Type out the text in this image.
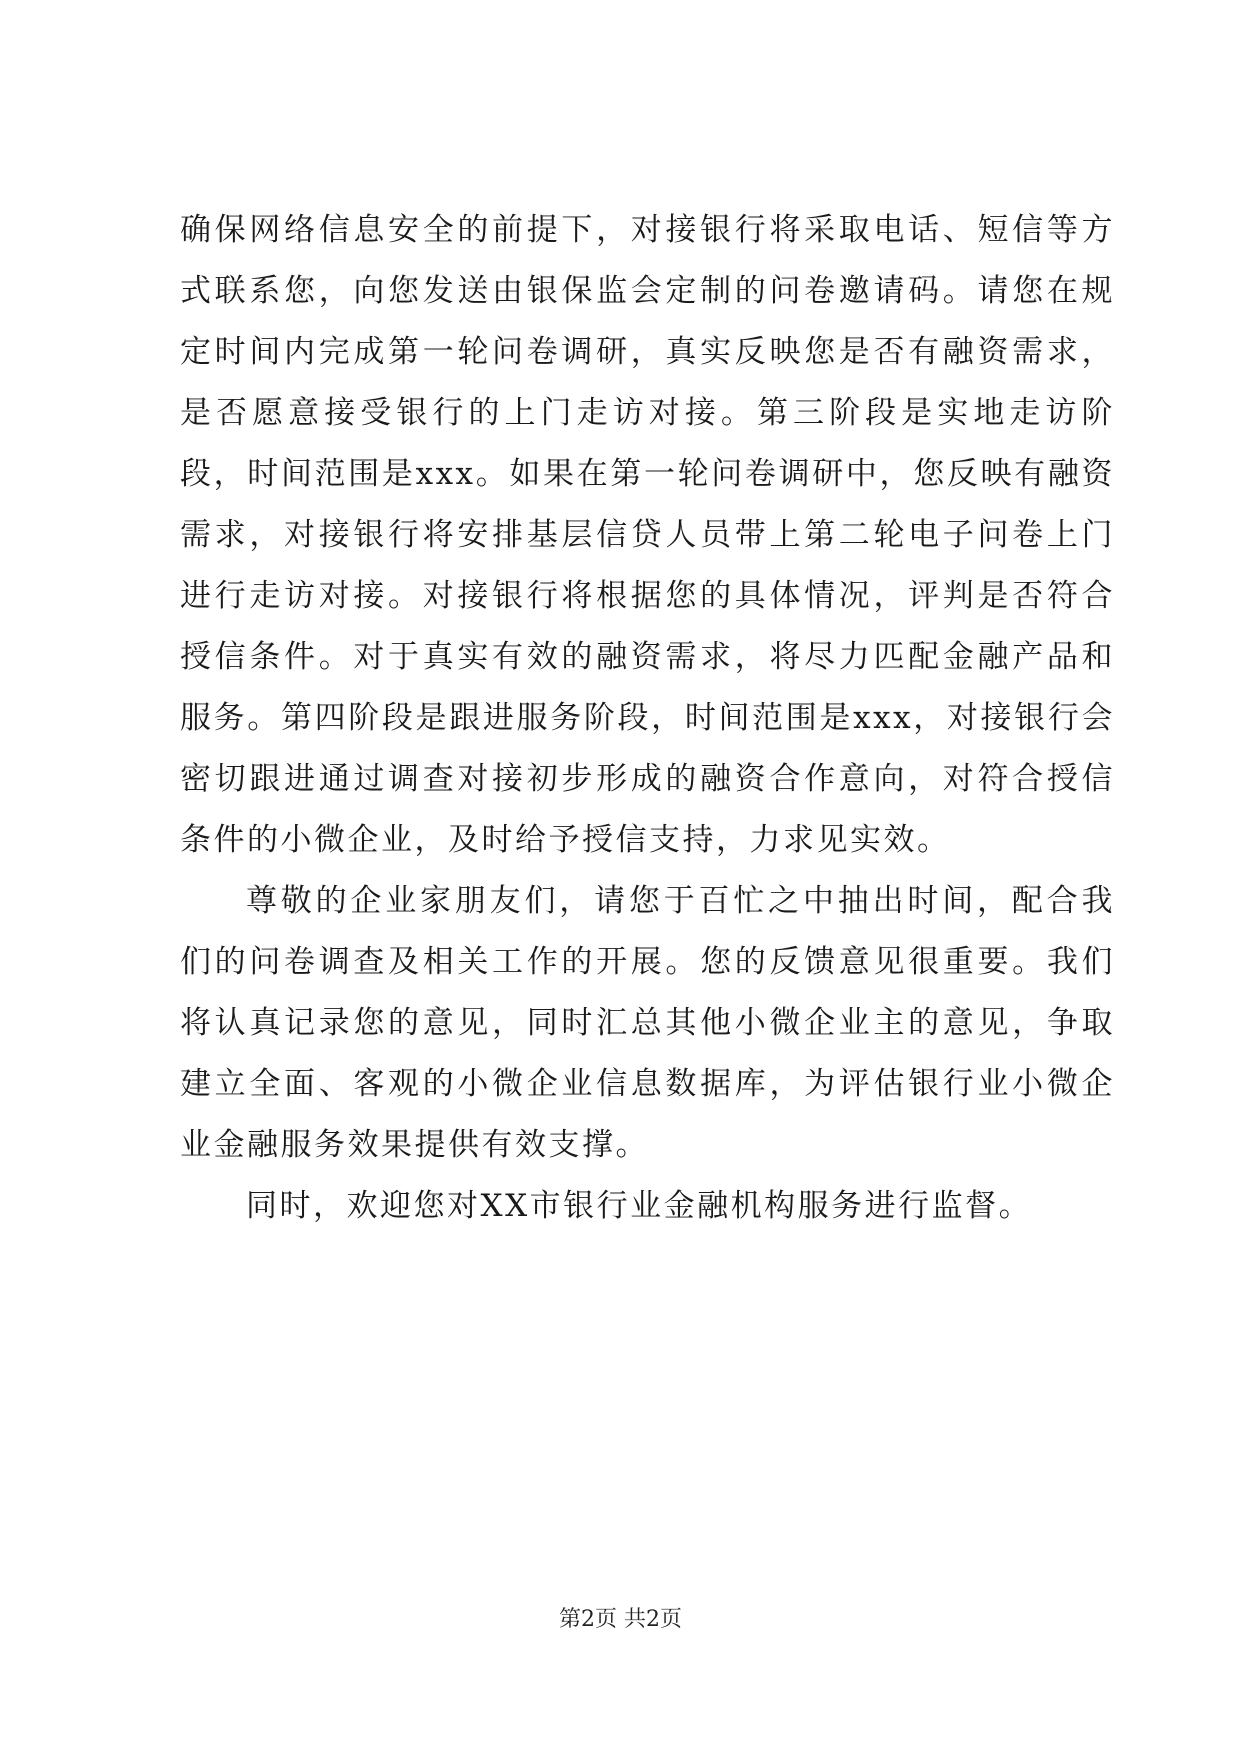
确保网络信息安全的前提下，对接银行将采取电话、短信等方式联系您，向您发送由银保监会定制的问卷邀请码。请您在规定时间内完成第一轮问卷调研，真实反映您是否有融资需求，是否愿意接受银行的上门走访对接。第三阶段是实地走访阶段，时间范围是xxx。如果在第一轮问卷调研中，您反映有融资需求，对接银行将安排基层信贷人员带上第二轮电子问卷上门进行走访对接。对接银行将根据您的具体情况，评判是否符合授信条件。对于真实有效的融资需求，将尽力匹配金融产品和服务。第四阶段是跟进服务阶段，时间范围是xxx，对接银行会密切跟进通过调查对接初步形成的融资合作意向，对符合授信条件的小微企业，及时给予授信支持，力求见实效。

尊敬的企业家朋友们，请您于百忙之中抽出时间，配合我们的问卷调查及相关工作的开展。您的反馈意见很重要。我们将认真记录您的意见，同时汇总其他小微企业主的意见，争取建立全面、客观的小微企业信息数据库，为评估银行业小微企业金融服务效果提供有效支撑。

同时，欢迎您对XX市银行业金融机构服务进行监督。

第2页 共2页
